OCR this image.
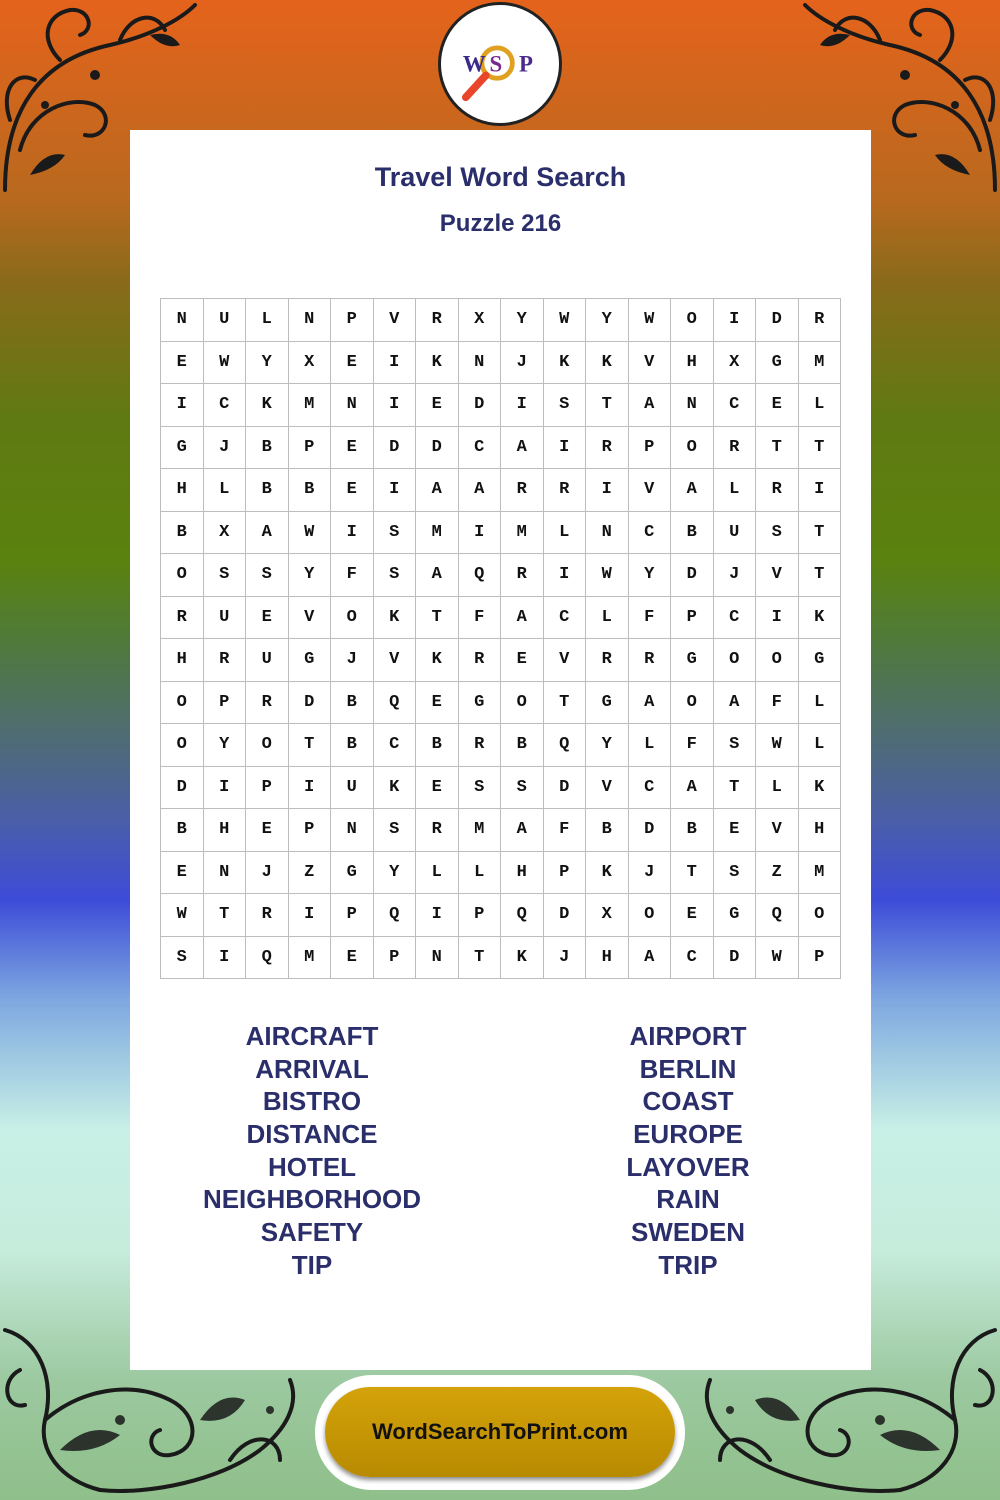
W S P
Travel Word Search
Puzzle 216
N	U	L	N	P	V	R	X	Y	W	Y	W	O	I	D	R
E	W	Y	X	E	I	K	N	J	K	K	V	H	X	G	M
I	C	K	M	N	I	E	D	I	S	T	A	N	C	E	L
G	J	B	P	E	D	D	C	A	I	R	P	O	R	T	T
H	L	B	B	E	I	A	A	R	R	I	V	A	L	R	I
B	X	A	W	I	S	M	I	M	L	N	C	B	U	S	T
O	S	S	Y	F	S	A	Q	R	I	W	Y	D	J	V	T
R	U	E	V	O	K	T	F	A	C	L	F	P	C	I	K
H	R	U	G	J	V	K	R	E	V	R	R	G	O	O	G
O	P	R	D	B	Q	E	G	O	T	G	A	O	A	F	L
O	Y	O	T	B	C	B	R	B	Q	Y	L	F	S	W	L
D	I	P	I	U	K	E	S	S	D	V	C	A	T	L	K
B	H	E	P	N	S	R	M	A	F	B	D	B	E	V	H
E	N	J	Z	G	Y	L	L	H	P	K	J	T	S	Z	M
W	T	R	I	P	Q	I	P	Q	D	X	O	E	G	Q	O
S	I	Q	M	E	P	N	T	K	J	H	A	C	D	W	P
AIRCRAFT
ARRIVAL
BISTRO
DISTANCE
HOTEL
NEIGHBORHOOD
SAFETY
TIP
AIRPORT
BERLIN
COAST
EUROPE
LAYOVER
RAIN
SWEDEN
TRIP
WordSearchToPrint.com
